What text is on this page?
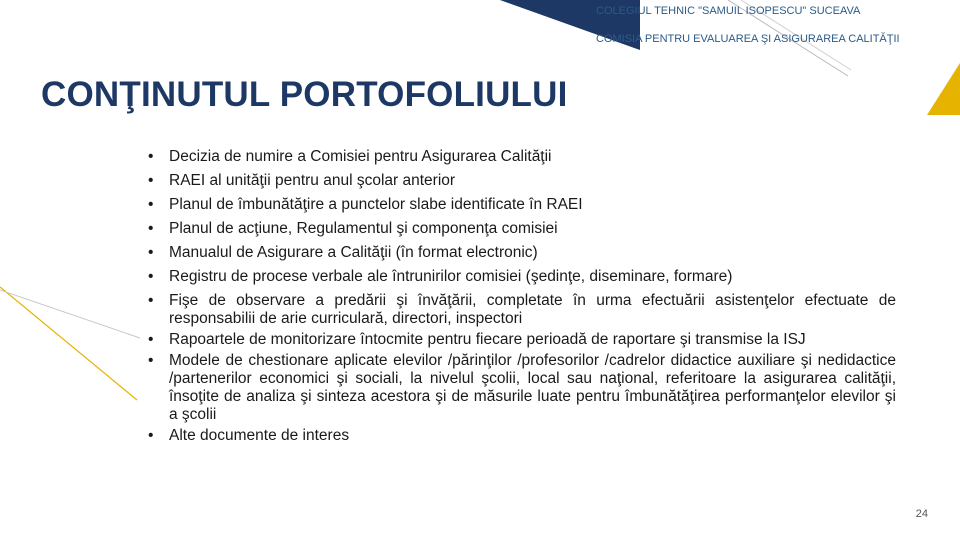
COLEGIUL TEHNIC "SAMUIL ISOPESCU" SUCEAVA
COMISIA PENTRU EVALUAREA ŞI ASIGURAREA CALITĂŢII
CONŢINUTUL PORTOFOLIULUI
• Decizia de numire a Comisiei pentru Asigurarea Calităţii
• RAEI al unităţii pentru anul şcolar anterior
• Planul de îmbunătăţire a punctelor slabe identificate în RAEI
• Planul de acţiune, Regulamentul şi componenţa comisiei
• Manualul de Asigurare a Calităţii (în format electronic)
• Registru de procese verbale ale întrunirilor comisiei (şedinţe, diseminare, formare)
• Fişe de observare a predării şi învăţării, completate în urma efectuării asistenţelor efectuate de responsabilii de arie curriculară, directori, inspectori
• Rapoartele de monitorizare întocmite pentru fiecare perioadă de raportare şi transmise la ISJ
• Modele de chestionare aplicate elevilor /părinţilor /profesorilor /cadrelor didactice auxiliare şi nedidactice /partenerilor economici şi sociali, la nivelul şcolii, local sau naţional, referitoare la asigurarea calităţii, însoţite de analiza şi sinteza acestora şi de măsurile luate pentru îmbunătăţirea performanţelor elevilor şi a şcolii
• Alte documente de interes
24
